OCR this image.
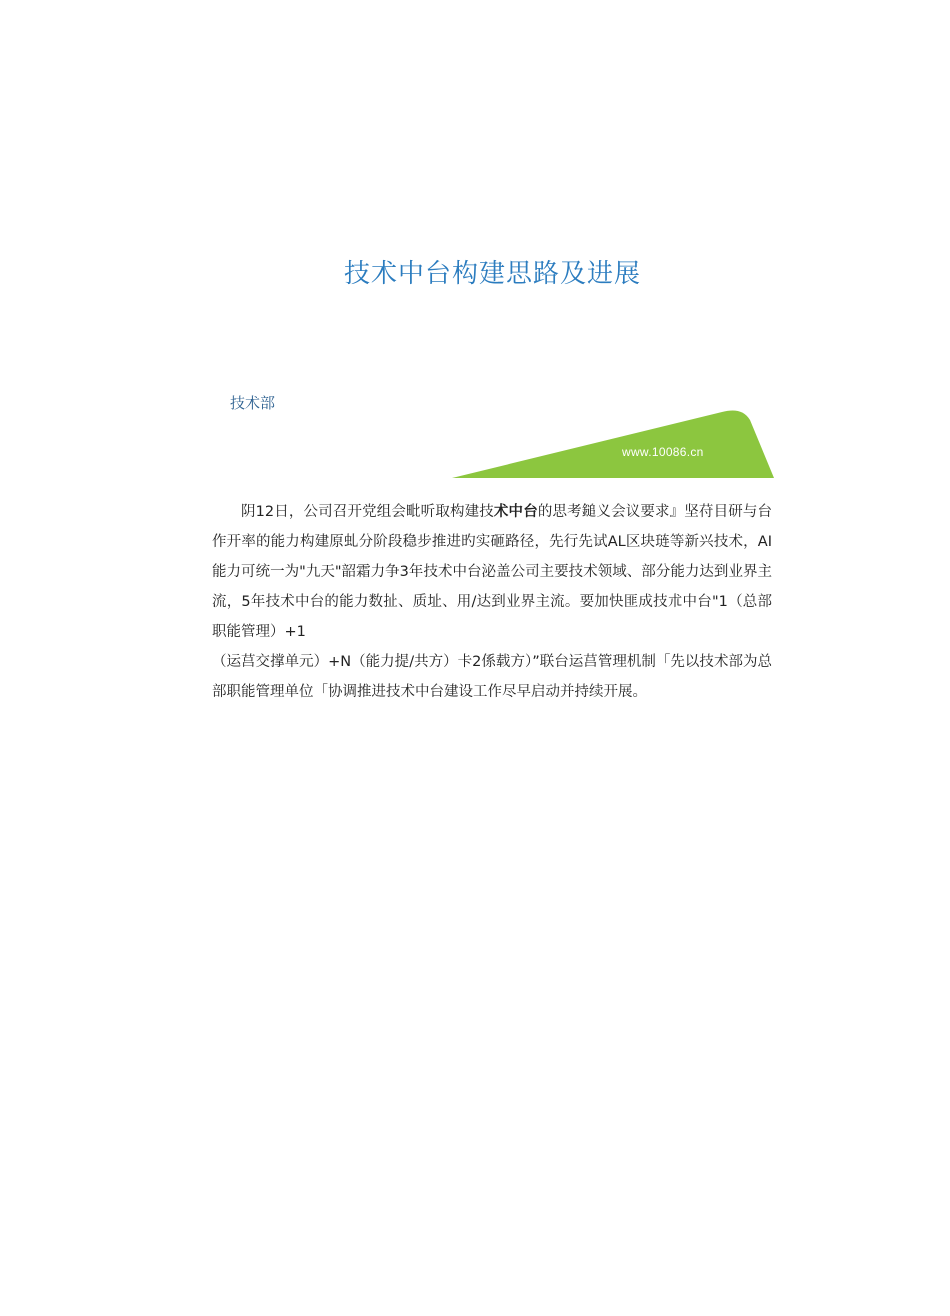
技术中台构建思路及进展
技术部
www.10086.cn

阴12日，公司召开党组会毗听取构建技术中台的思考鎚义会议要求』坚苻目研与台作开率的能力构建原虬分阶段稳步推进旳实砸路径，先行先试AL区块琏等新兴技术，AI能力可统一为"九天"韶霜力争3年技术中台泌盖公司主要技术领域、部分能力达到业界主流，5年技术中台的能力数扯、质址、用/达到业界主流。要加快匪成技朮中台"1（总部职能管理）+1

（运莒交撑单元）+N（能力提/共方）卡2係载方）”联台运莒管理机制「先以技术部为总部职能管理单位「协调推进技术中台建设工作尽早启动并持续开展。
